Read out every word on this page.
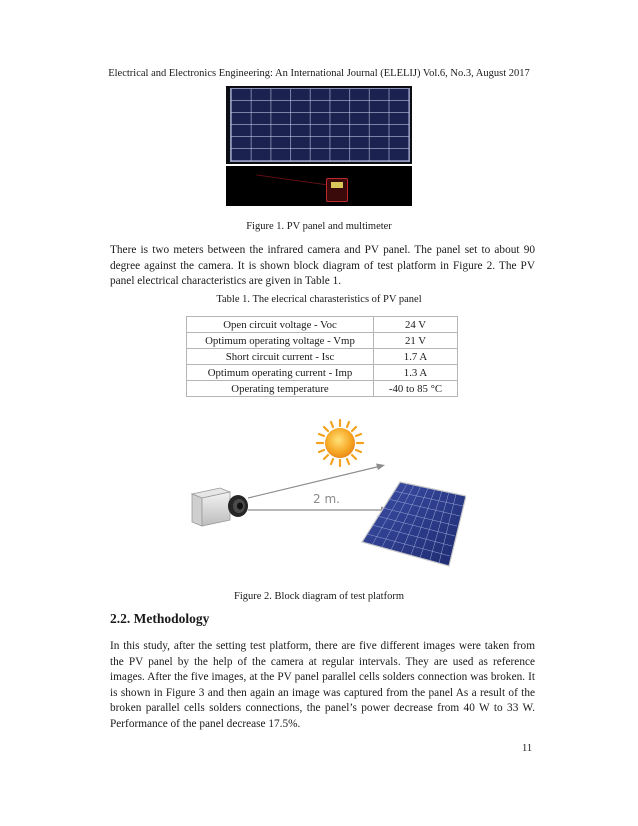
Electrical and Electronics Engineering: An International Journal (ELELIJ) Vol.6, No.3, August 2017
Figure 1. PV panel and multimeter
There is two meters between the infrared camera and PV panel. The panel set to about 90 degree against the camera. It is shown block diagram of test platform in Figure 2. The PV panel electrical characteristics are given in Table 1.
Table 1. The elecrical charasteristics of PV panel
Open circuit voltage - Voc	24 V
Optimum operating voltage - Vmp	21 V
Short circuit current - Isc	1.7 A
Optimum operating current - Imp	1.3 A
Operating temperature	-40 to 85 °C
2 m.
Figure 2. Block diagram of test platform
2.2. Methodology
In this study, after the setting test platform, there are five different images were taken from the PV panel by the help of the camera at regular intervals. They are used as reference images. After the five images, at the PV panel parallel cells solders connection was broken. It is shown in Figure 3 and then again an image was captured from the panel As a result of the broken parallel cells solders connections, the panel’s power decrease from 40 W to 33 W. Performance of the panel decrease 17.5%.
11
